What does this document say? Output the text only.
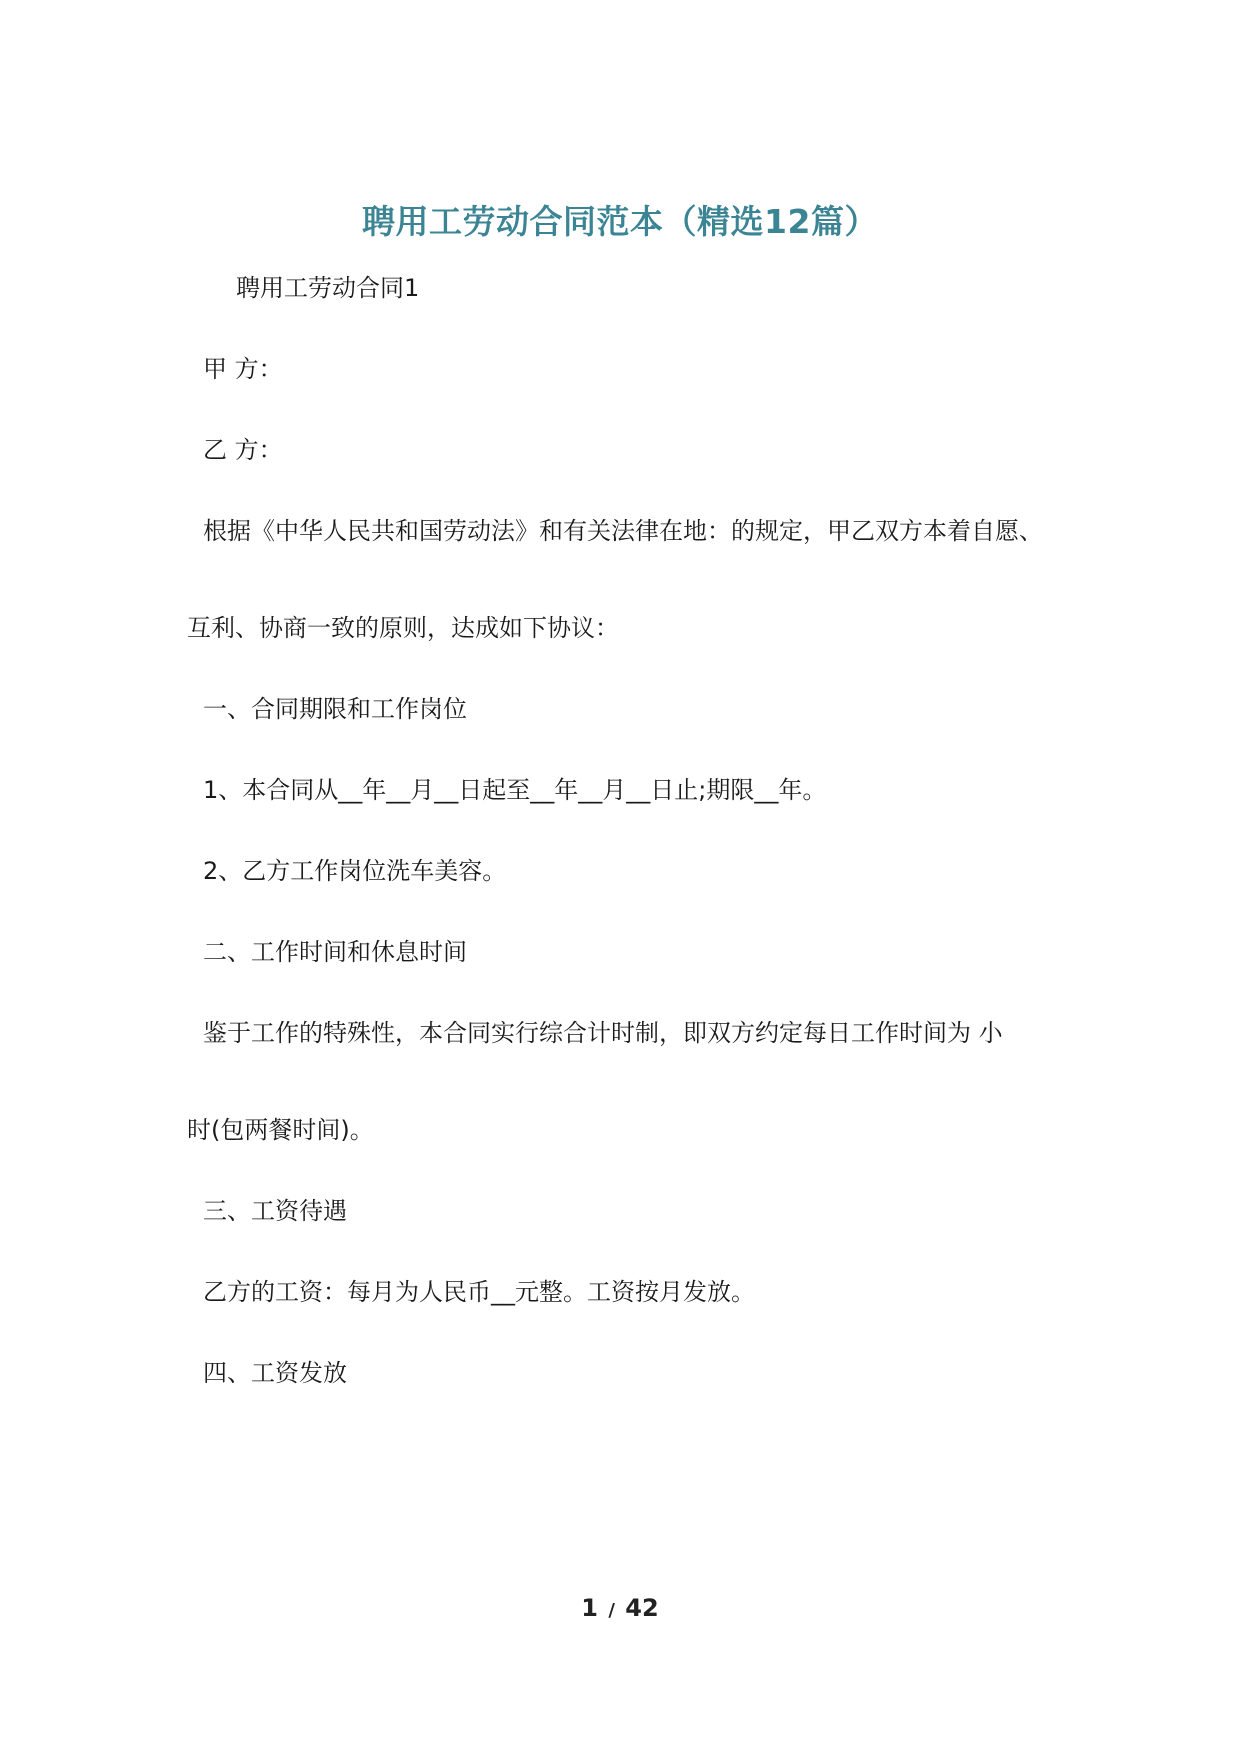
聘用工劳动合同范本（精选12篇）
聘用工劳动合同1
甲 方：
乙 方：
根据《中华人民共和国劳动法》和有关法律在地：的规定，甲乙双方本着自愿、
互利、协商一致的原则，达成如下协议：
一、合同期限和工作岗位
1、本合同从__年__月__日起至__年__月__日止;期限__年。
2、乙方工作岗位洗车美容。
二、工作时间和休息时间
鉴于工作的特殊性，本合同实行综合计时制，即双方约定每日工作时间为 小
时(包两餐时间)。
三、工资待遇
乙方的工资：每月为人民币__元整。工资按月发放。
四、工资发放
1 / 42
